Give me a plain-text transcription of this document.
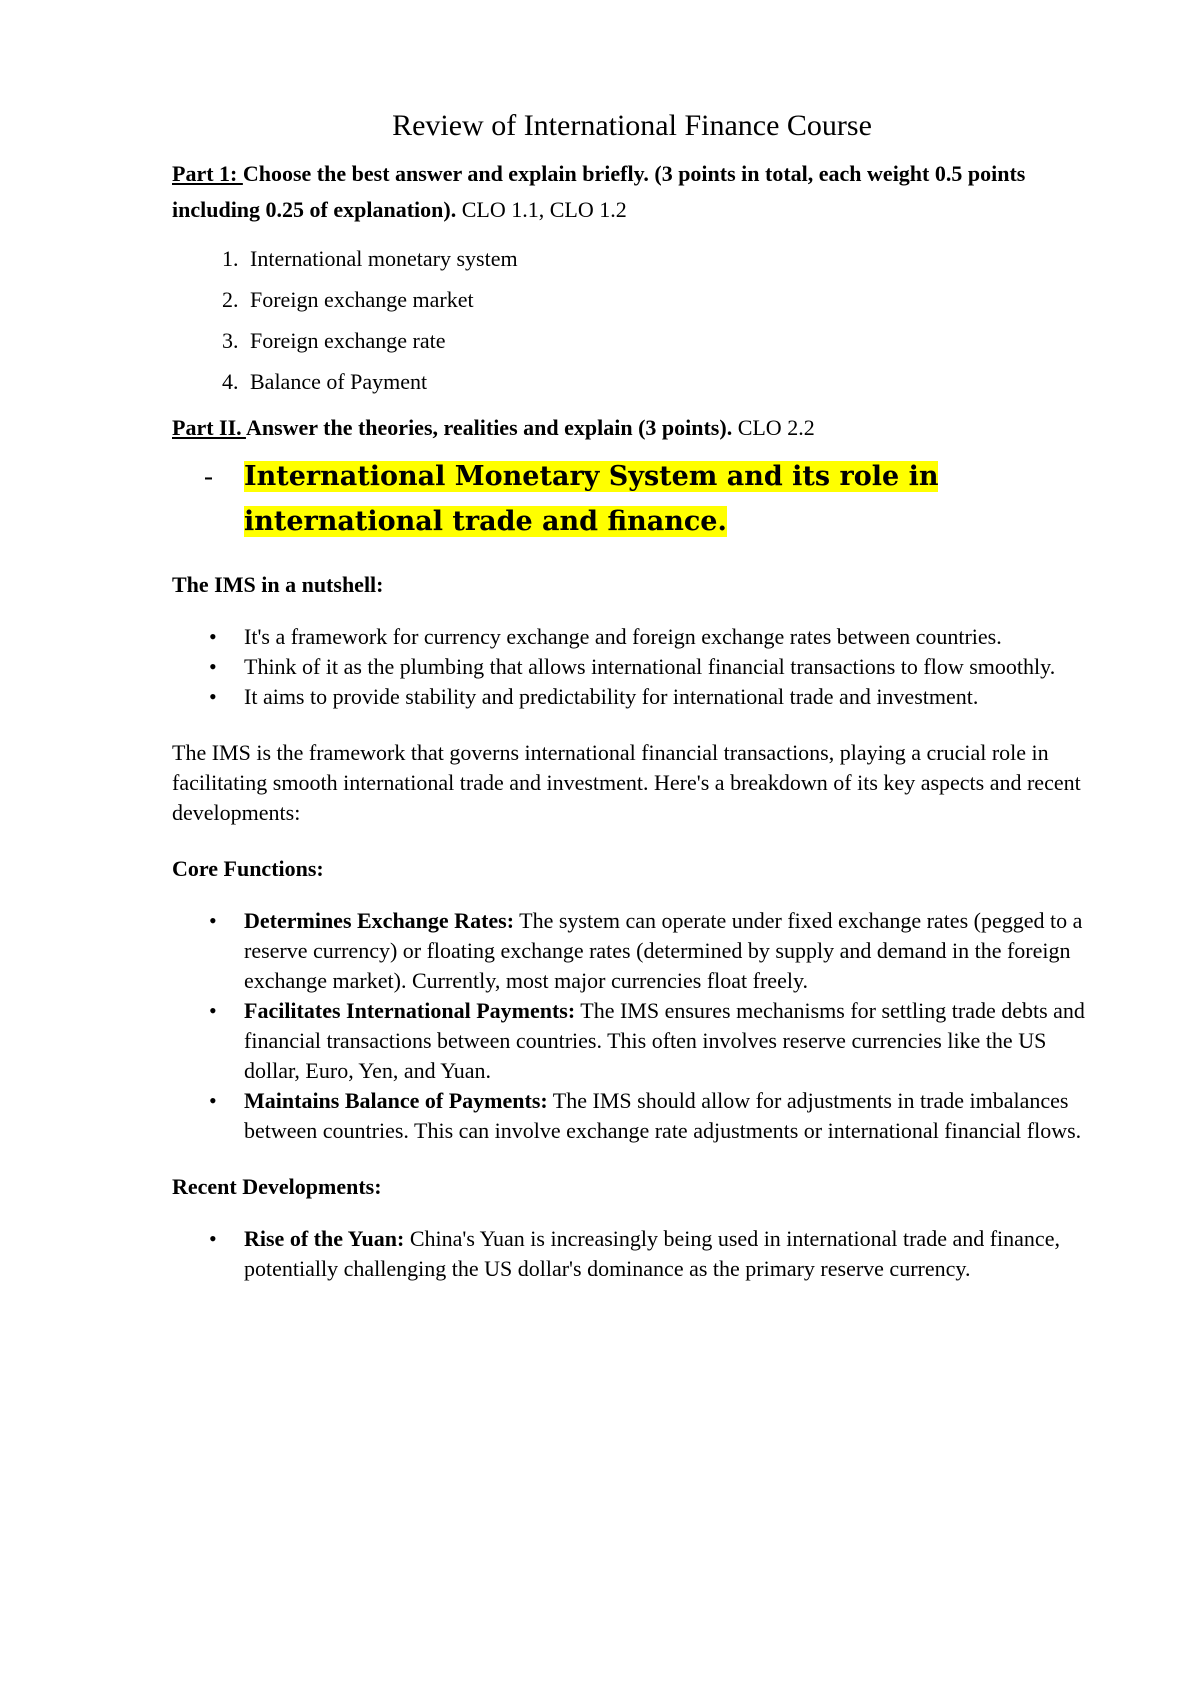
Review of International Finance Course

Part 1: Choose the best answer and explain briefly. (3 points in total, each weight 0.5 points including 0.25 of explanation). CLO 1.1, CLO 1.2

1. International monetary system
2. Foreign exchange market
3. Foreign exchange rate
4. Balance of Payment

Part II. Answer the theories, realities and explain (3 points). CLO 2.2

- International Monetary System and its role in international trade and finance.

The IMS in a nutshell:

• It's a framework for currency exchange and foreign exchange rates between countries.
• Think of it as the plumbing that allows international financial transactions to flow smoothly.
• It aims to provide stability and predictability for international trade and investment.

The IMS is the framework that governs international financial transactions, playing a crucial role in facilitating smooth international trade and investment. Here's a breakdown of its key aspects and recent developments:

Core Functions:

• Determines Exchange Rates: The system can operate under fixed exchange rates (pegged to a reserve currency) or floating exchange rates (determined by supply and demand in the foreign exchange market). Currently, most major currencies float freely.
• Facilitates International Payments: The IMS ensures mechanisms for settling trade debts and financial transactions between countries. This often involves reserve currencies like the US dollar, Euro, Yen, and Yuan.
• Maintains Balance of Payments: The IMS should allow for adjustments in trade imbalances between countries. This can involve exchange rate adjustments or international financial flows.

Recent Developments:

• Rise of the Yuan: China's Yuan is increasingly being used in international trade and finance, potentially challenging the US dollar's dominance as the primary reserve currency.
